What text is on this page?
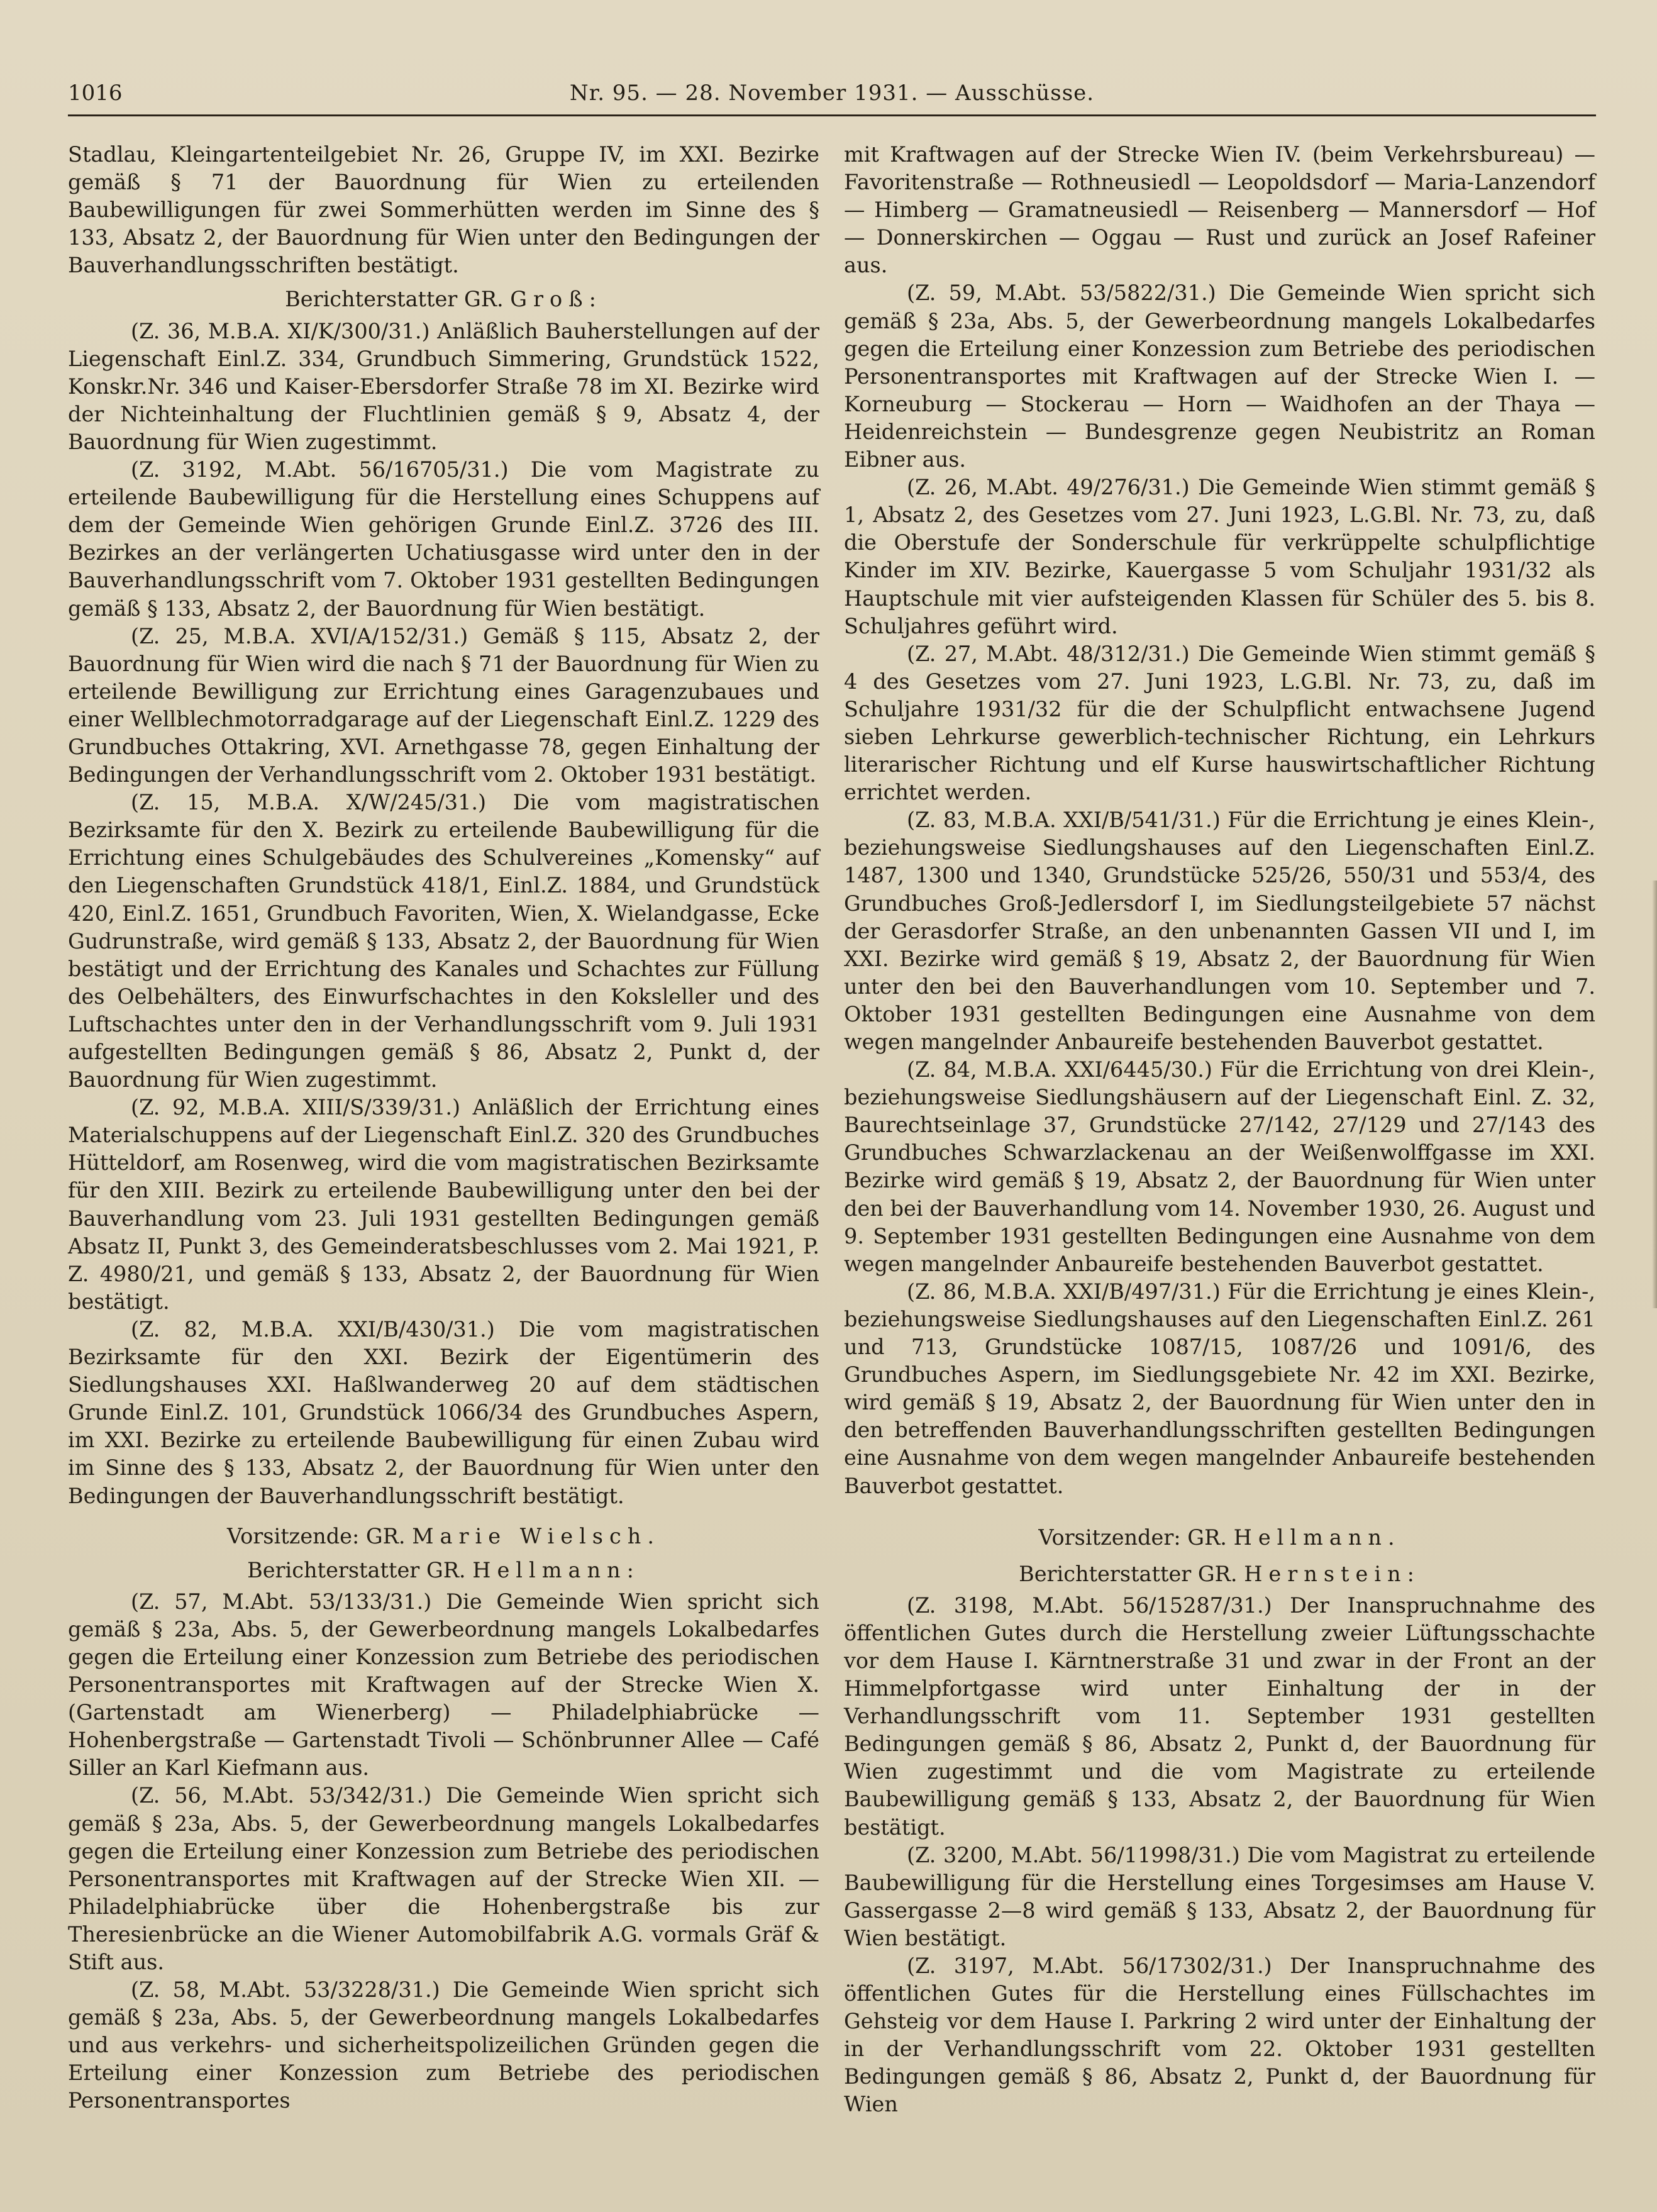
1016	Nr. 95. — 28. November 1931. — Ausschüsse.

Stadlau, Kleingartenteilgebiet Nr. 26, Gruppe IV, im XXI. Bezirke gemäß § 71 der Bauordnung für Wien zu erteilenden Baubewilligungen für zwei Sommerhütten werden im Sinne des § 133, Absatz 2, der Bauordnung für Wien unter den Bedingungen der Bauverhandlungsschriften bestätigt.

Berichterstatter GR. Groß:

(Z. 36, M.B.A. XI/K/300/31.) Anläßlich Bauherstellungen auf der Liegenschaft Einl.Z. 334, Grundbuch Simmering, Grundstück 1522, Konskr.Nr. 346 und Kaiser-Ebersdorfer Straße 78 im XI. Bezirke wird der Nichteinhaltung der Fluchtlinien gemäß § 9, Absatz 4, der Bauordnung für Wien zugestimmt.

(Z. 3192, M.Abt. 56/16705/31.) Die vom Magistrate zu erteilende Baubewilligung für die Herstellung eines Schuppens auf dem der Gemeinde Wien gehörigen Grunde Einl.Z. 3726 des III. Bezirkes an der verlängerten Uchatiusgasse wird unter den in der Bauverhandlungsschrift vom 7. Oktober 1931 gestellten Bedingungen gemäß § 133, Absatz 2, der Bauordnung für Wien bestätigt.

(Z. 25, M.B.A. XVI/A/152/31.) Gemäß § 115, Absatz 2, der Bauordnung für Wien wird die nach § 71 der Bauordnung für Wien zu erteilende Bewilligung zur Errichtung eines Garagenzubaues und einer Wellblechmotorradgarage auf der Liegenschaft Einl.Z. 1229 des Grundbuches Ottakring, XVI. Arnethgasse 78, gegen Einhaltung der Bedingungen der Verhandlungsschrift vom 2. Oktober 1931 bestätigt.

(Z. 15, M.B.A. X/W/245/31.) Die vom magistratischen Bezirksamte für den X. Bezirk zu erteilende Baubewilligung für die Errichtung eines Schulgebäudes des Schulvereines „Komensky“ auf den Liegenschaften Grundstück 418/1, Einl.Z. 1884, und Grundstück 420, Einl.Z. 1651, Grundbuch Favoriten, Wien, X. Wielandgasse, Ecke Gudrunstraße, wird gemäß § 133, Absatz 2, der Bauordnung für Wien bestätigt und der Errichtung des Kanales und Schachtes zur Füllung des Oelbehälters, des Einwurfschachtes in den Koksleller und des Luftschachtes unter den in der Verhandlungsschrift vom 9. Juli 1931 aufgestellten Bedingungen gemäß § 86, Absatz 2, Punkt d, der Bauordnung für Wien zugestimmt.

(Z. 92, M.B.A. XIII/S/339/31.) Anläßlich der Errichtung eines Materialschuppens auf der Liegenschaft Einl.Z. 320 des Grundbuches Hütteldorf, am Rosenweg, wird die vom magistratischen Bezirksamte für den XIII. Bezirk zu erteilende Baubewilligung unter den bei der Bauverhandlung vom 23. Juli 1931 gestellten Bedingungen gemäß Absatz II, Punkt 3, des Gemeinderatsbeschlusses vom 2. Mai 1921, P. Z. 4980/21, und gemäß § 133, Absatz 2, der Bauordnung für Wien bestätigt.

(Z. 82, M.B.A. XXI/B/430/31.) Die vom magistratischen Bezirksamte für den XXI. Bezirk der Eigentümerin des Siedlungshauses XXI. Haßlwanderweg 20 auf dem städtischen Grunde Einl.Z. 101, Grundstück 1066/34 des Grundbuches Aspern, im XXI. Bezirke zu erteilende Baubewilligung für einen Zubau wird im Sinne des § 133, Absatz 2, der Bauordnung für Wien unter den Bedingungen der Bauverhandlungsschrift bestätigt.

Vorsitzende: GR. Marie Wielsch.

Berichterstatter GR. Hellmann:

(Z. 57, M.Abt. 53/133/31.) Die Gemeinde Wien spricht sich gemäß § 23a, Abs. 5, der Gewerbeordnung mangels Lokalbedarfes gegen die Erteilung einer Konzession zum Betriebe des periodischen Personentransportes mit Kraftwagen auf der Strecke Wien X. (Gartenstadt am Wienerberg) — Philadelphiabrücke — Hohenbergstraße — Gartenstadt Tivoli — Schönbrunner Allee — Café Siller an Karl Kiefmann aus.

(Z. 56, M.Abt. 53/342/31.) Die Gemeinde Wien spricht sich gemäß § 23a, Abs. 5, der Gewerbeordnung mangels Lokalbedarfes gegen die Erteilung einer Konzession zum Betriebe des periodischen Personentransportes mit Kraftwagen auf der Strecke Wien XII. — Philadelphiabrücke über die Hohenbergstraße bis zur Theresienbrücke an die Wiener Automobilfabrik A.G. vormals Gräf & Stift aus.

(Z. 58, M.Abt. 53/3228/31.) Die Gemeinde Wien spricht sich gemäß § 23a, Abs. 5, der Gewerbeordnung mangels Lokalbedarfes und aus verkehrs- und sicherheitspolizeilichen Gründen gegen die Erteilung einer Konzession zum Betriebe des periodischen Personentransportes

mit Kraftwagen auf der Strecke Wien IV. (beim Verkehrsbureau) — Favoritenstraße — Rothneusiedl — Leopoldsdorf — Maria-Lanzendorf — Himberg — Gramatneusiedl — Reisenberg — Mannersdorf — Hof — Donnerskirchen — Oggau — Rust und zurück an Josef Rafeiner aus.

(Z. 59, M.Abt. 53/5822/31.) Die Gemeinde Wien spricht sich gemäß § 23a, Abs. 5, der Gewerbeordnung mangels Lokalbedarfes gegen die Erteilung einer Konzession zum Betriebe des periodischen Personentransportes mit Kraftwagen auf der Strecke Wien I. — Korneuburg — Stockerau — Horn — Waidhofen an der Thaya — Heidenreichstein — Bundesgrenze gegen Neubistritz an Roman Eibner aus.

(Z. 26, M.Abt. 49/276/31.) Die Gemeinde Wien stimmt gemäß § 1, Absatz 2, des Gesetzes vom 27. Juni 1923, L.G.Bl. Nr. 73, zu, daß die Oberstufe der Sonderschule für verkrüppelte schulpflichtige Kinder im XIV. Bezirke, Kauergasse 5 vom Schuljahr 1931/32 als Hauptschule mit vier aufsteigenden Klassen für Schüler des 5. bis 8. Schuljahres geführt wird.

(Z. 27, M.Abt. 48/312/31.) Die Gemeinde Wien stimmt gemäß § 4 des Gesetzes vom 27. Juni 1923, L.G.Bl. Nr. 73, zu, daß im Schuljahre 1931/32 für die der Schulpflicht entwachsene Jugend sieben Lehrkurse gewerblich-technischer Richtung, ein Lehrkurs literarischer Richtung und elf Kurse hauswirtschaftlicher Richtung errichtet werden.

(Z. 83, M.B.A. XXI/B/541/31.) Für die Errichtung je eines Klein-, beziehungsweise Siedlungshauses auf den Liegenschaften Einl.Z. 1487, 1300 und 1340, Grundstücke 525/26, 550/31 und 553/4, des Grundbuches Groß-Jedlersdorf I, im Siedlungsteilgebiete 57 nächst der Gerasdorfer Straße, an den unbenannten Gassen VII und I, im XXI. Bezirke wird gemäß § 19, Absatz 2, der Bauordnung für Wien unter den bei den Bauverhandlungen vom 10. September und 7. Oktober 1931 gestellten Bedingungen eine Ausnahme von dem wegen mangelnder Anbaureife bestehenden Bauverbot gestattet.

(Z. 84, M.B.A. XXI/6445/30.) Für die Errichtung von drei Klein-, beziehungsweise Siedlungshäusern auf der Liegenschaft Einl. Z. 32, Baurechtseinlage 37, Grundstücke 27/142, 27/129 und 27/143 des Grundbuches Schwarzlackenau an der Weißenwolffgasse im XXI. Bezirke wird gemäß § 19, Absatz 2, der Bauordnung für Wien unter den bei der Bauverhandlung vom 14. November 1930, 26. August und 9. September 1931 gestellten Bedingungen eine Ausnahme von dem wegen mangelnder Anbaureife bestehenden Bauverbot gestattet.

(Z. 86, M.B.A. XXI/B/497/31.) Für die Errichtung je eines Klein-, beziehungsweise Siedlungshauses auf den Liegenschaften Einl.Z. 261 und 713, Grundstücke 1087/15, 1087/26 und 1091/6, des Grundbuches Aspern, im Siedlungsgebiete Nr. 42 im XXI. Bezirke, wird gemäß § 19, Absatz 2, der Bauordnung für Wien unter den in den betreffenden Bauverhandlungsschriften gestellten Bedingungen eine Ausnahme von dem wegen mangelnder Anbaureife bestehenden Bauverbot gestattet.

Vorsitzender: GR. Hellmann.

Berichterstatter GR. Hernstein:

(Z. 3198, M.Abt. 56/15287/31.) Der Inanspruchnahme des öffentlichen Gutes durch die Herstellung zweier Lüftungsschachte vor dem Hause I. Kärntnerstraße 31 und zwar in der Front an der Himmelpfortgasse wird unter Einhaltung der in der Verhandlungsschrift vom 11. September 1931 gestellten Bedingungen gemäß § 86, Absatz 2, Punkt d, der Bauordnung für Wien zugestimmt und die vom Magistrate zu erteilende Baubewilligung gemäß § 133, Absatz 2, der Bauordnung für Wien bestätigt.

(Z. 3200, M.Abt. 56/11998/31.) Die vom Magistrat zu erteilende Baubewilligung für die Herstellung eines Torgesimses am Hause V. Gassergasse 2—8 wird gemäß § 133, Absatz 2, der Bauordnung für Wien bestätigt.

(Z. 3197, M.Abt. 56/17302/31.) Der Inanspruchnahme des öffentlichen Gutes für die Herstellung eines Füllschachtes im Gehsteig vor dem Hause I. Parkring 2 wird unter der Einhaltung der in der Verhandlungsschrift vom 22. Oktober 1931 gestellten Bedingungen gemäß § 86, Absatz 2, Punkt d, der Bauordnung für Wien
